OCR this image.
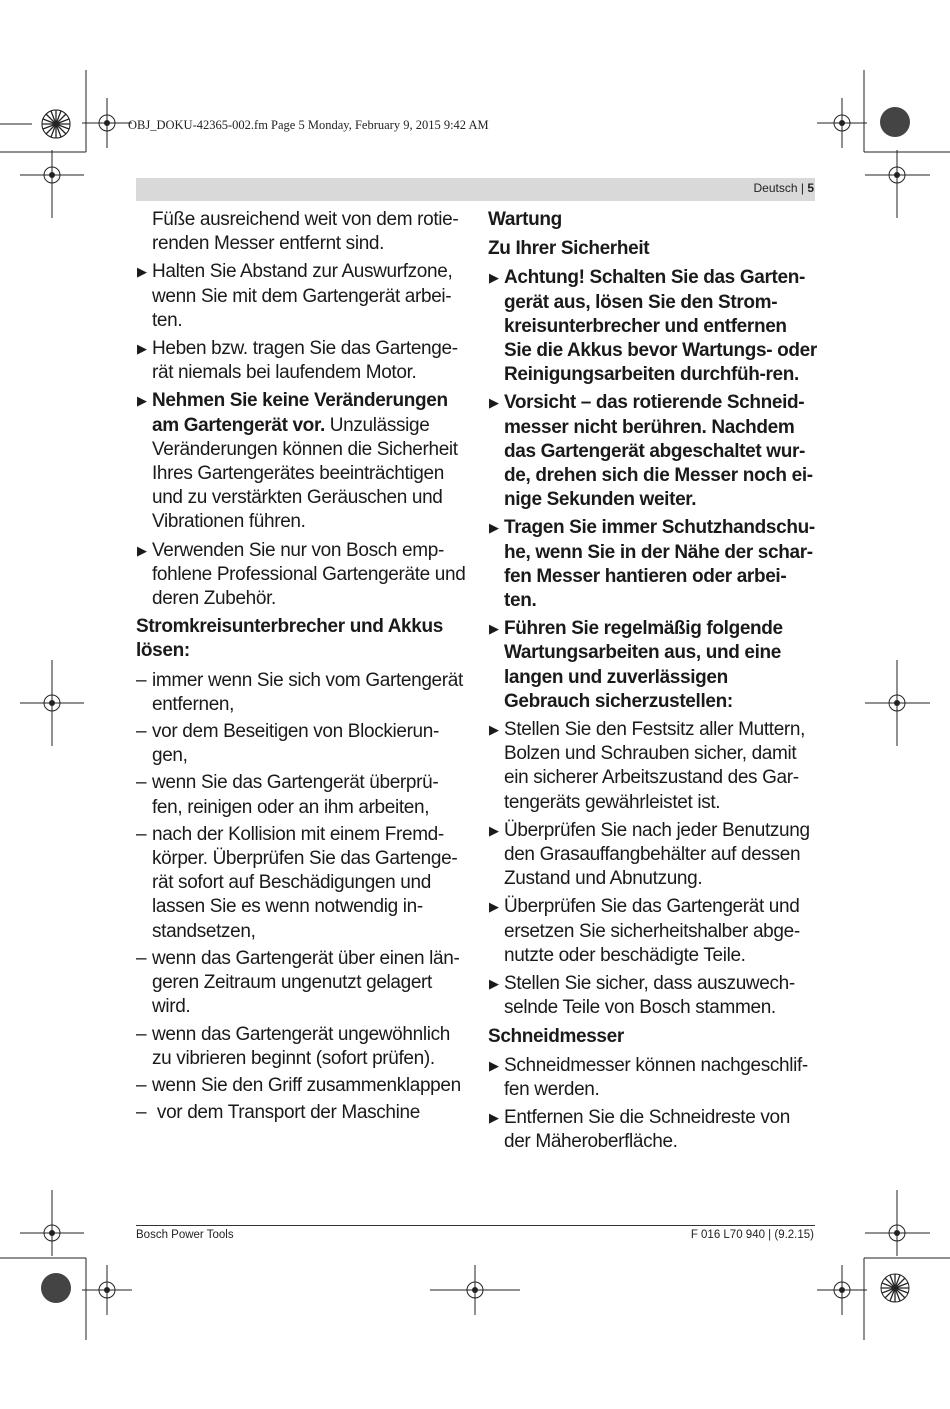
OBJ_DOKU-42365-002.fm Page 5 Monday, February 9, 2015 9:42 AM
Deutsch | 5

Füße ausreichend weit von dem rotie-renden Messer entfernt sind.

▶ Halten Sie Abstand zur Auswurfzone, wenn Sie mit dem Gartengerät arbei-ten.
▶ Heben bzw. tragen Sie das Gartenge-rät niemals bei laufendem Motor.
▶ Nehmen Sie keine Veränderungen am Gartengerät vor. Unzulässige Veränderungen können die Sicherheit Ihres Gartengerätes beeinträchtigen und zu verstärkten Geräuschen und Vibrationen führen.
▶ Verwenden Sie nur von Bosch emp-fohlene Professional Gartengeräte und deren Zubehör.

Stromkreisunterbrecher und Akkus lösen:

– immer wenn Sie sich vom Gartengerät entfernen,
– vor dem Beseitigen von Blockierun-gen,
– wenn Sie das Gartengerät überprü-fen, reinigen oder an ihm arbeiten,
– nach der Kollision mit einem Fremd-körper. Überprüfen Sie das Gartenge-rät sofort auf Beschädigungen und lassen Sie es wenn notwendig in-standsetzen,
– wenn das Gartengerät über einen län-geren Zeitraum ungenutzt gelagert wird.
– wenn das Gartengerät ungewöhnlich zu vibrieren beginnt (sofort prüfen).
– wenn Sie den Griff zusammenklappen
– vor dem Transport der Maschine

Wartung

Zu Ihrer Sicherheit

▶ Achtung! Schalten Sie das Garten-gerät aus, lösen Sie den Strom-kreisunterbrecher und entfernen Sie die Akkus bevor Wartungs- oder Reinigungsarbeiten durchfüh-ren.
▶ Vorsicht – das rotierende Schneid-messer nicht berühren. Nachdem das Gartengerät abgeschaltet wur-de, drehen sich die Messer noch ei-nige Sekunden weiter.
▶ Tragen Sie immer Schutzhandschu-he, wenn Sie in der Nähe der schar-fen Messer hantieren oder arbei-ten.
▶ Führen Sie regelmäßig folgende Wartungsarbeiten aus, und eine langen und zuverlässigen Gebrauch sicherzustellen:
▶ Stellen Sie den Festsitz aller Muttern, Bolzen und Schrauben sicher, damit ein sicherer Arbeitszustand des Gar-tengeräts gewährleistet ist.
▶ Überprüfen Sie nach jeder Benutzung den Grasauffangbehälter auf dessen Zustand und Abnutzung.
▶ Überprüfen Sie das Gartengerät und ersetzen Sie sicherheitshalber abge-nutzte oder beschädigte Teile.
▶ Stellen Sie sicher, dass auszuwech-selnde Teile von Bosch stammen.

Schneidmesser

▶ Schneidmesser können nachgeschlif-fen werden.
▶ Entfernen Sie die Schneidreste von der Mäheroberfläche.
Bosch Power Tools	F 016 L70 940 | (9.2.15)
